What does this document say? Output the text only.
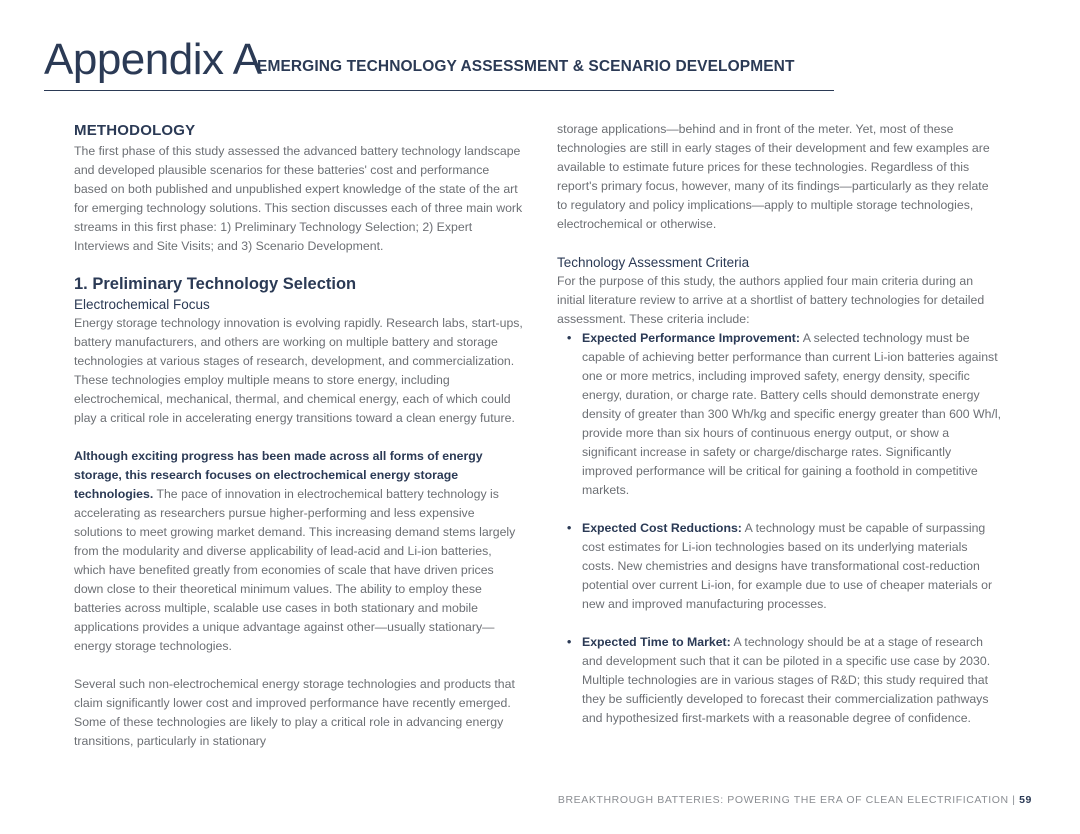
Appendix A
EMERGING TECHNOLOGY ASSESSMENT & SCENARIO DEVELOPMENT
METHODOLOGY

The first phase of this study assessed the advanced battery technology landscape and developed plausible scenarios for these batteries' cost and performance based on both published and unpublished expert knowledge of the state of the art for emerging technology solutions. This section discusses each of three main work streams in this first phase: 1) Preliminary Technology Selection; 2) Expert Interviews and Site Visits; and 3) Scenario Development.

1. Preliminary Technology Selection
Electrochemical Focus

Energy storage technology innovation is evolving rapidly. Research labs, start-ups, battery manufacturers, and others are working on multiple battery and storage technologies at various stages of research, development, and commercialization. These technologies employ multiple means to store energy, including electrochemical, mechanical, thermal, and chemical energy, each of which could play a critical role in accelerating energy transitions toward a clean energy future.

Although exciting progress has been made across all forms of energy storage, this research focuses on electrochemical energy storage technologies. The pace of innovation in electrochemical battery technology is accelerating as researchers pursue higher-performing and less expensive solutions to meet growing market demand. This increasing demand stems largely from the modularity and diverse applicability of lead-acid and Li-ion batteries, which have benefited greatly from economies of scale that have driven prices down close to their theoretical minimum values. The ability to employ these batteries across multiple, scalable use cases in both stationary and mobile applications provides a unique advantage against other—usually stationary—energy storage technologies.

Several such non-electrochemical energy storage technologies and products that claim significantly lower cost and improved performance have recently emerged. Some of these technologies are likely to play a critical role in advancing energy transitions, particularly in stationary

storage applications—behind and in front of the meter. Yet, most of these technologies are still in early stages of their development and few examples are available to estimate future prices for these technologies. Regardless of this report's primary focus, however, many of its findings—particularly as they relate to regulatory and policy implications—apply to multiple storage technologies, electrochemical or otherwise.

Technology Assessment Criteria

For the purpose of this study, the authors applied four main criteria during an initial literature review to arrive at a shortlist of battery technologies for detailed assessment. These criteria include:

• Expected Performance Improvement: A selected technology must be capable of achieving better performance than current Li-ion batteries against one or more metrics, including improved safety, energy density, specific energy, duration, or charge rate. Battery cells should demonstrate energy density of greater than 300 Wh/kg and specific energy greater than 600 Wh/l, provide more than six hours of continuous energy output, or show a significant increase in safety or charge/discharge rates. Significantly improved performance will be critical for gaining a foothold in competitive markets.
• Expected Cost Reductions: A technology must be capable of surpassing cost estimates for Li-ion technologies based on its underlying materials costs. New chemistries and designs have transformational cost-reduction potential over current Li-ion, for example due to use of cheaper materials or new and improved manufacturing processes.
• Expected Time to Market: A technology should be at a stage of research and development such that it can be piloted in a specific use case by 2030. Multiple technologies are in various stages of R&D; this study required that they be sufficiently developed to forecast their commercialization pathways and hypothesized first-markets with a reasonable degree of confidence.
BREAKTHROUGH BATTERIES: POWERING THE ERA OF CLEAN ELECTRIFICATION | 59
